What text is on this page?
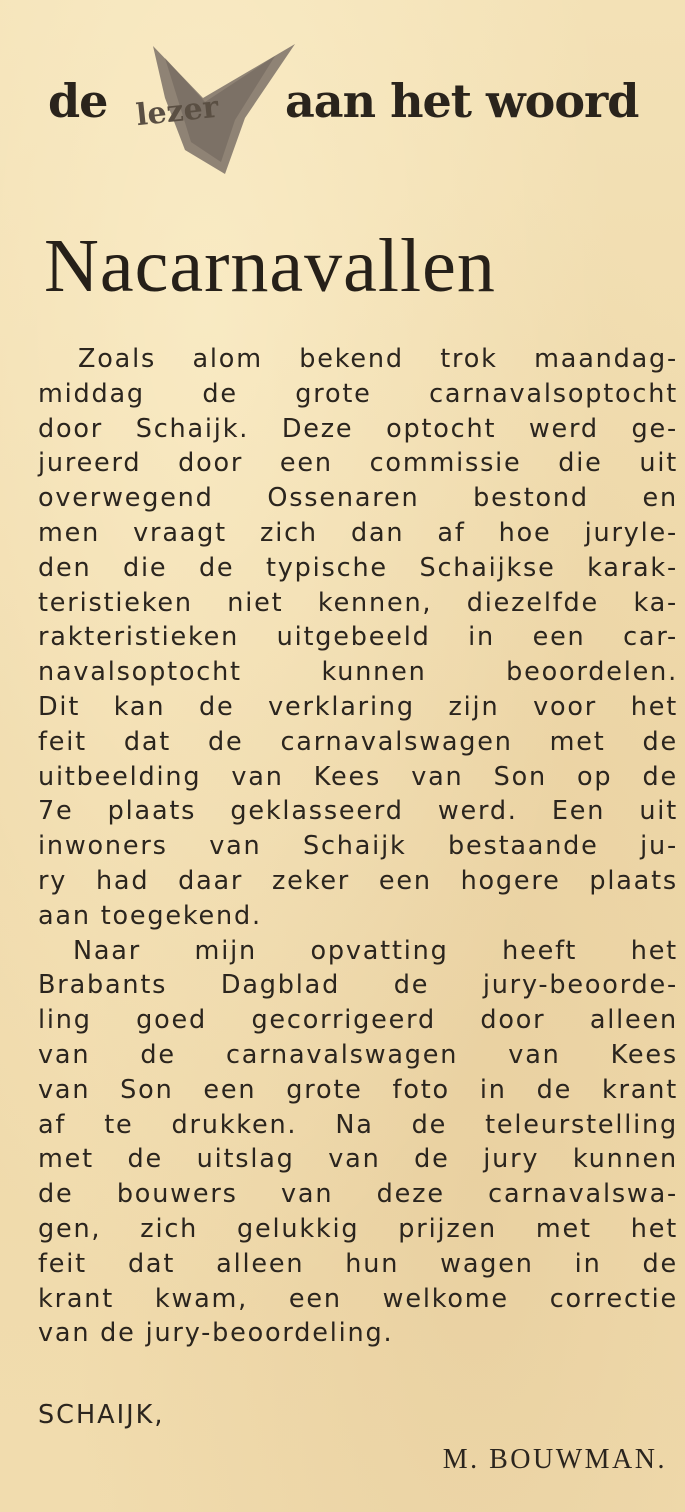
lezer
de	aan het woord
Nacarnavallen
Zoals alom bekend trok maandag-
middag de grote carnavalsoptocht
door Schaijk. Deze optocht werd ge-
jureerd door een commissie die uit
overwegend Ossenaren bestond en
men vraagt zich dan af hoe juryle-
den die de typische Schaijkse karak-
teristieken niet kennen, diezelfde ka-
rakteristieken uitgebeeld in een car-
navalsoptocht kunnen beoordelen.
Dit kan de verklaring zijn voor het
feit dat de carnavalswagen met de
uitbeelding van Kees van Son op de
7e plaats geklasseerd werd. Een uit
inwoners van Schaijk bestaande ju-
ry had daar zeker een hogere plaats
aan toegekend.
Naar mijn opvatting heeft het
Brabants Dagblad de jury-beoorde-
ling goed gecorrigeerd door alleen
van de carnavalswagen van Kees
van Son een grote foto in de krant
af te drukken. Na de teleurstelling
met de uitslag van de jury kunnen
de bouwers van deze carnavalswa-
gen, zich gelukkig prijzen met het
feit dat alleen hun wagen in de
krant kwam, een welkome correctie
van de jury-beoordeling.
SCHAIJK,
M. BOUWMAN.
